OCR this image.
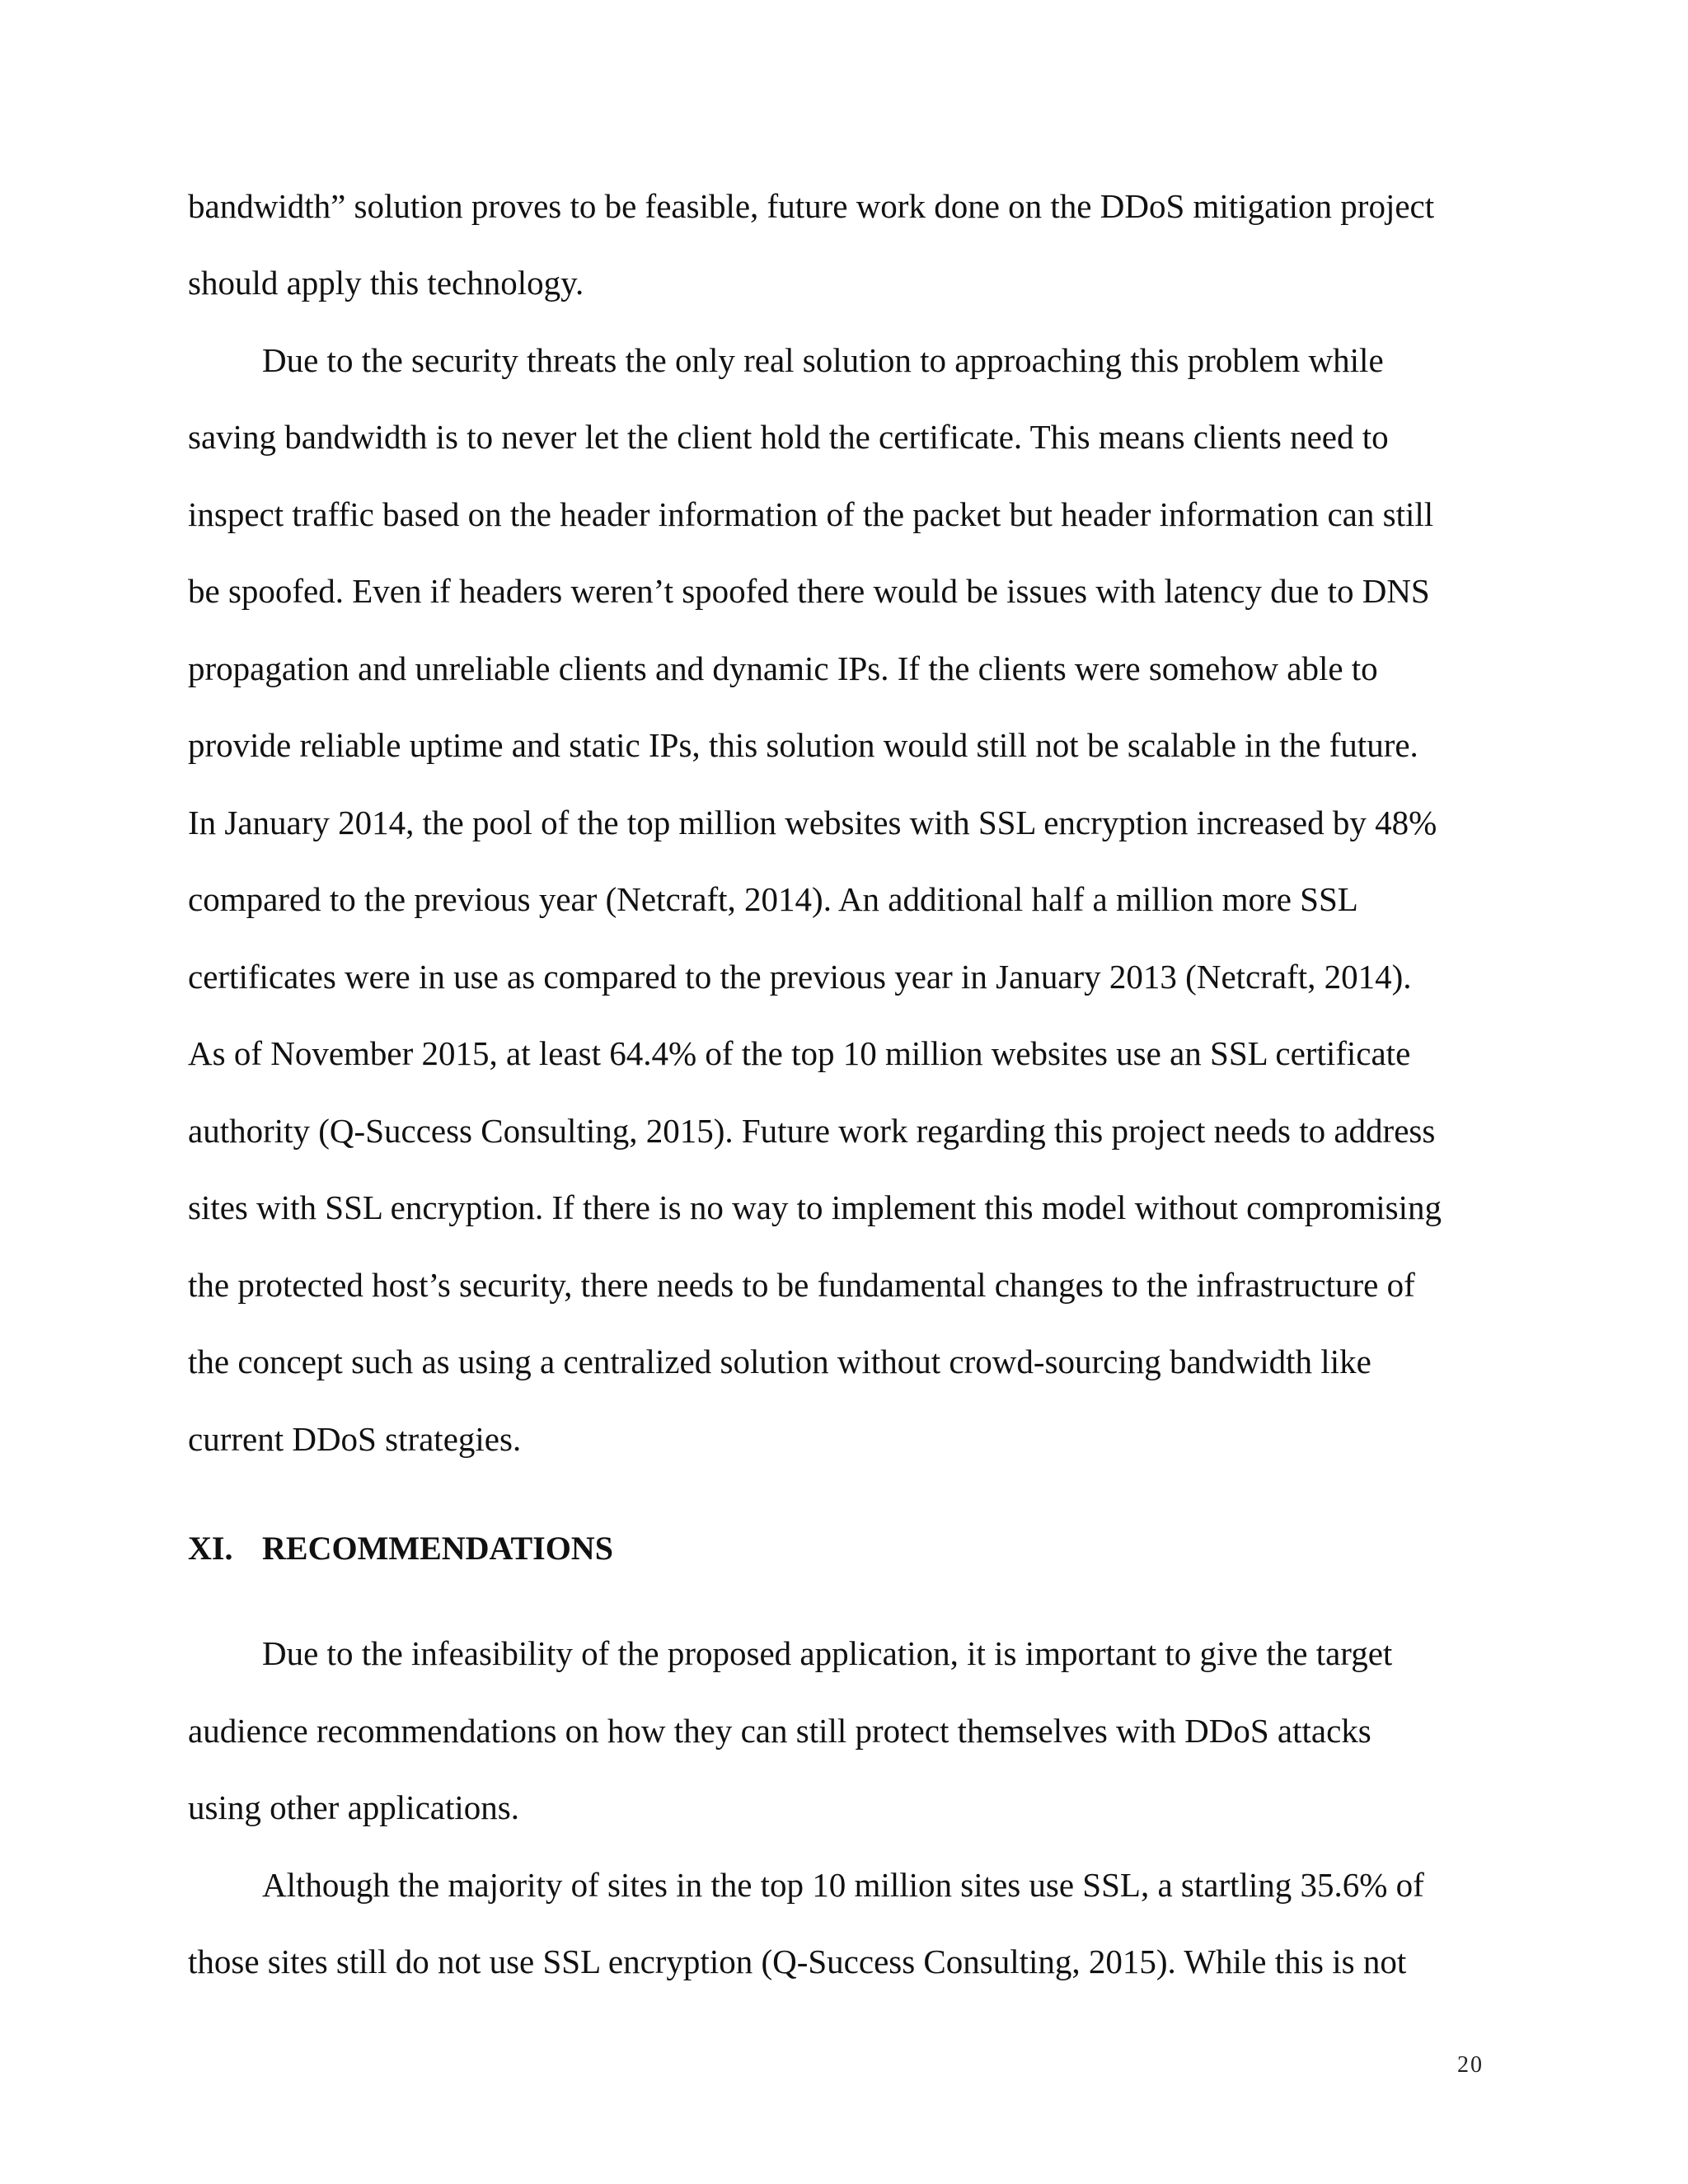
bandwidth” solution proves to be feasible, future work done on the DDoS mitigation project
should apply this technology.
Due to the security threats the only real solution to approaching this problem while
saving bandwidth is to never let the client hold the certificate. This means clients need to
inspect traffic based on the header information of the packet but header information can still
be spoofed. Even if headers weren’t spoofed there would be issues with latency due to DNS
propagation and unreliable clients and dynamic IPs. If the clients were somehow able to
provide reliable uptime and static IPs, this solution would still not be scalable in the future.
In January 2014, the pool of the top million websites with SSL encryption increased by 48%
compared to the previous year (Netcraft, 2014). An additional half a million more SSL
certificates were in use as compared to the previous year in January 2013 (Netcraft, 2014).
As of November 2015, at least 64.4% of the top 10 million websites use an SSL certificate
authority (Q-Success Consulting, 2015). Future work regarding this project needs to address
sites with SSL encryption. If there is no way to implement this model without compromising
the protected host’s security, there needs to be fundamental changes to the infrastructure of
the concept such as using a centralized solution without crowd-sourcing bandwidth like
current DDoS strategies.
XI. RECOMMENDATIONS
Due to the infeasibility of the proposed application, it is important to give the target
audience recommendations on how they can still protect themselves with DDoS attacks
using other applications.
Although the majority of sites in the top 10 million sites use SSL, a startling 35.6% of
those sites still do not use SSL encryption (Q-Success Consulting, 2015). While this is not
20
